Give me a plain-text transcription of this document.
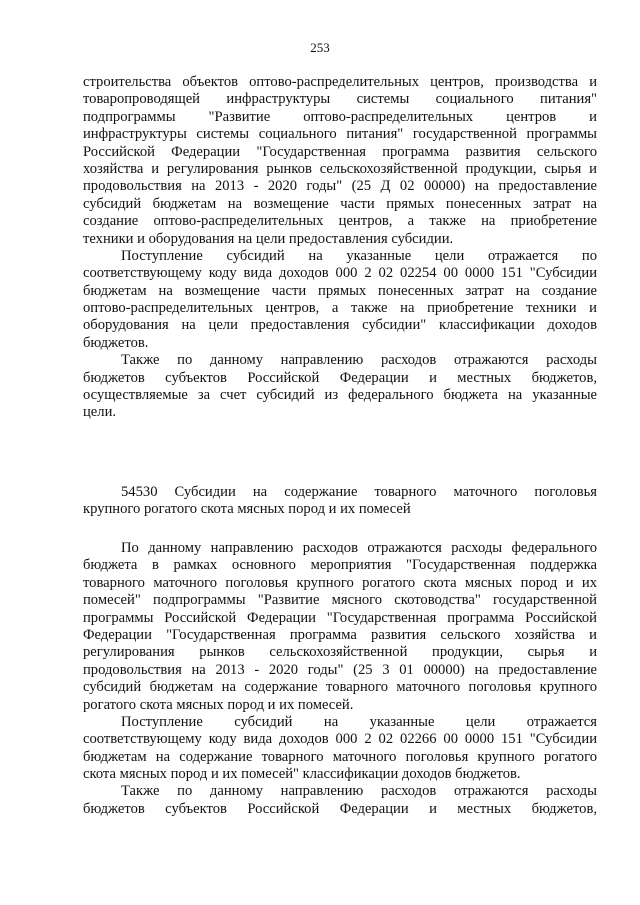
253
строительства объектов оптово-распределительных центров, производства и
товаропроводящей инфраструктуры системы социального питания"
подпрограммы "Развитие оптово-распределительных центров и
инфраструктуры системы социального питания" государственной программы
Российской Федерации "Государственная программа развития сельского
хозяйства и регулирования рынков сельскохозяйственной продукции, сырья и
продовольствия на 2013 - 2020 годы" (25 Д 02 00000) на предоставление
субсидий бюджетам на возмещение части прямых понесенных затрат на
создание оптово-распределительных центров, а также на приобретение
техники и оборудования на цели предоставления субсидии.
Поступление субсидий на указанные цели отражается по
соответствующему коду вида доходов 000 2 02 02254 00 0000 151 "Субсидии
бюджетам на возмещение части прямых понесенных затрат на создание
оптово-распределительных центров, а также на приобретение техники и
оборудования на цели предоставления субсидии" классификации доходов
бюджетов.
Также по данному направлению расходов отражаются расходы
бюджетов субъектов Российской Федерации и местных бюджетов,
осуществляемые за счет субсидий из федерального бюджета на указанные
цели.
54530 Субсидии на содержание товарного маточного поголовья
крупного рогатого скота мясных пород и их помесей
По данному направлению расходов отражаются расходы федерального
бюджета в рамках основного мероприятия "Государственная поддержка
товарного маточного поголовья крупного рогатого скота мясных пород и их
помесей" подпрограммы "Развитие мясного скотоводства" государственной
программы Российской Федерации "Государственная программа Российской
Федерации "Государственная программа развития сельского хозяйства и
регулирования рынков сельскохозяйственной продукции, сырья и
продовольствия на 2013 - 2020 годы" (25 3 01 00000) на предоставление
субсидий бюджетам на содержание товарного маточного поголовья крупного
рогатого скота мясных пород и их помесей.
Поступление субсидий на указанные цели отражается
соответствующему коду вида доходов 000 2 02 02266 00 0000 151 "Субсидии
бюджетам на содержание товарного маточного поголовья крупного рогатого
скота мясных пород и их помесей" классификации доходов бюджетов.
Также по данному направлению расходов отражаются расходы
бюджетов субъектов Российской Федерации и местных бюджетов,
